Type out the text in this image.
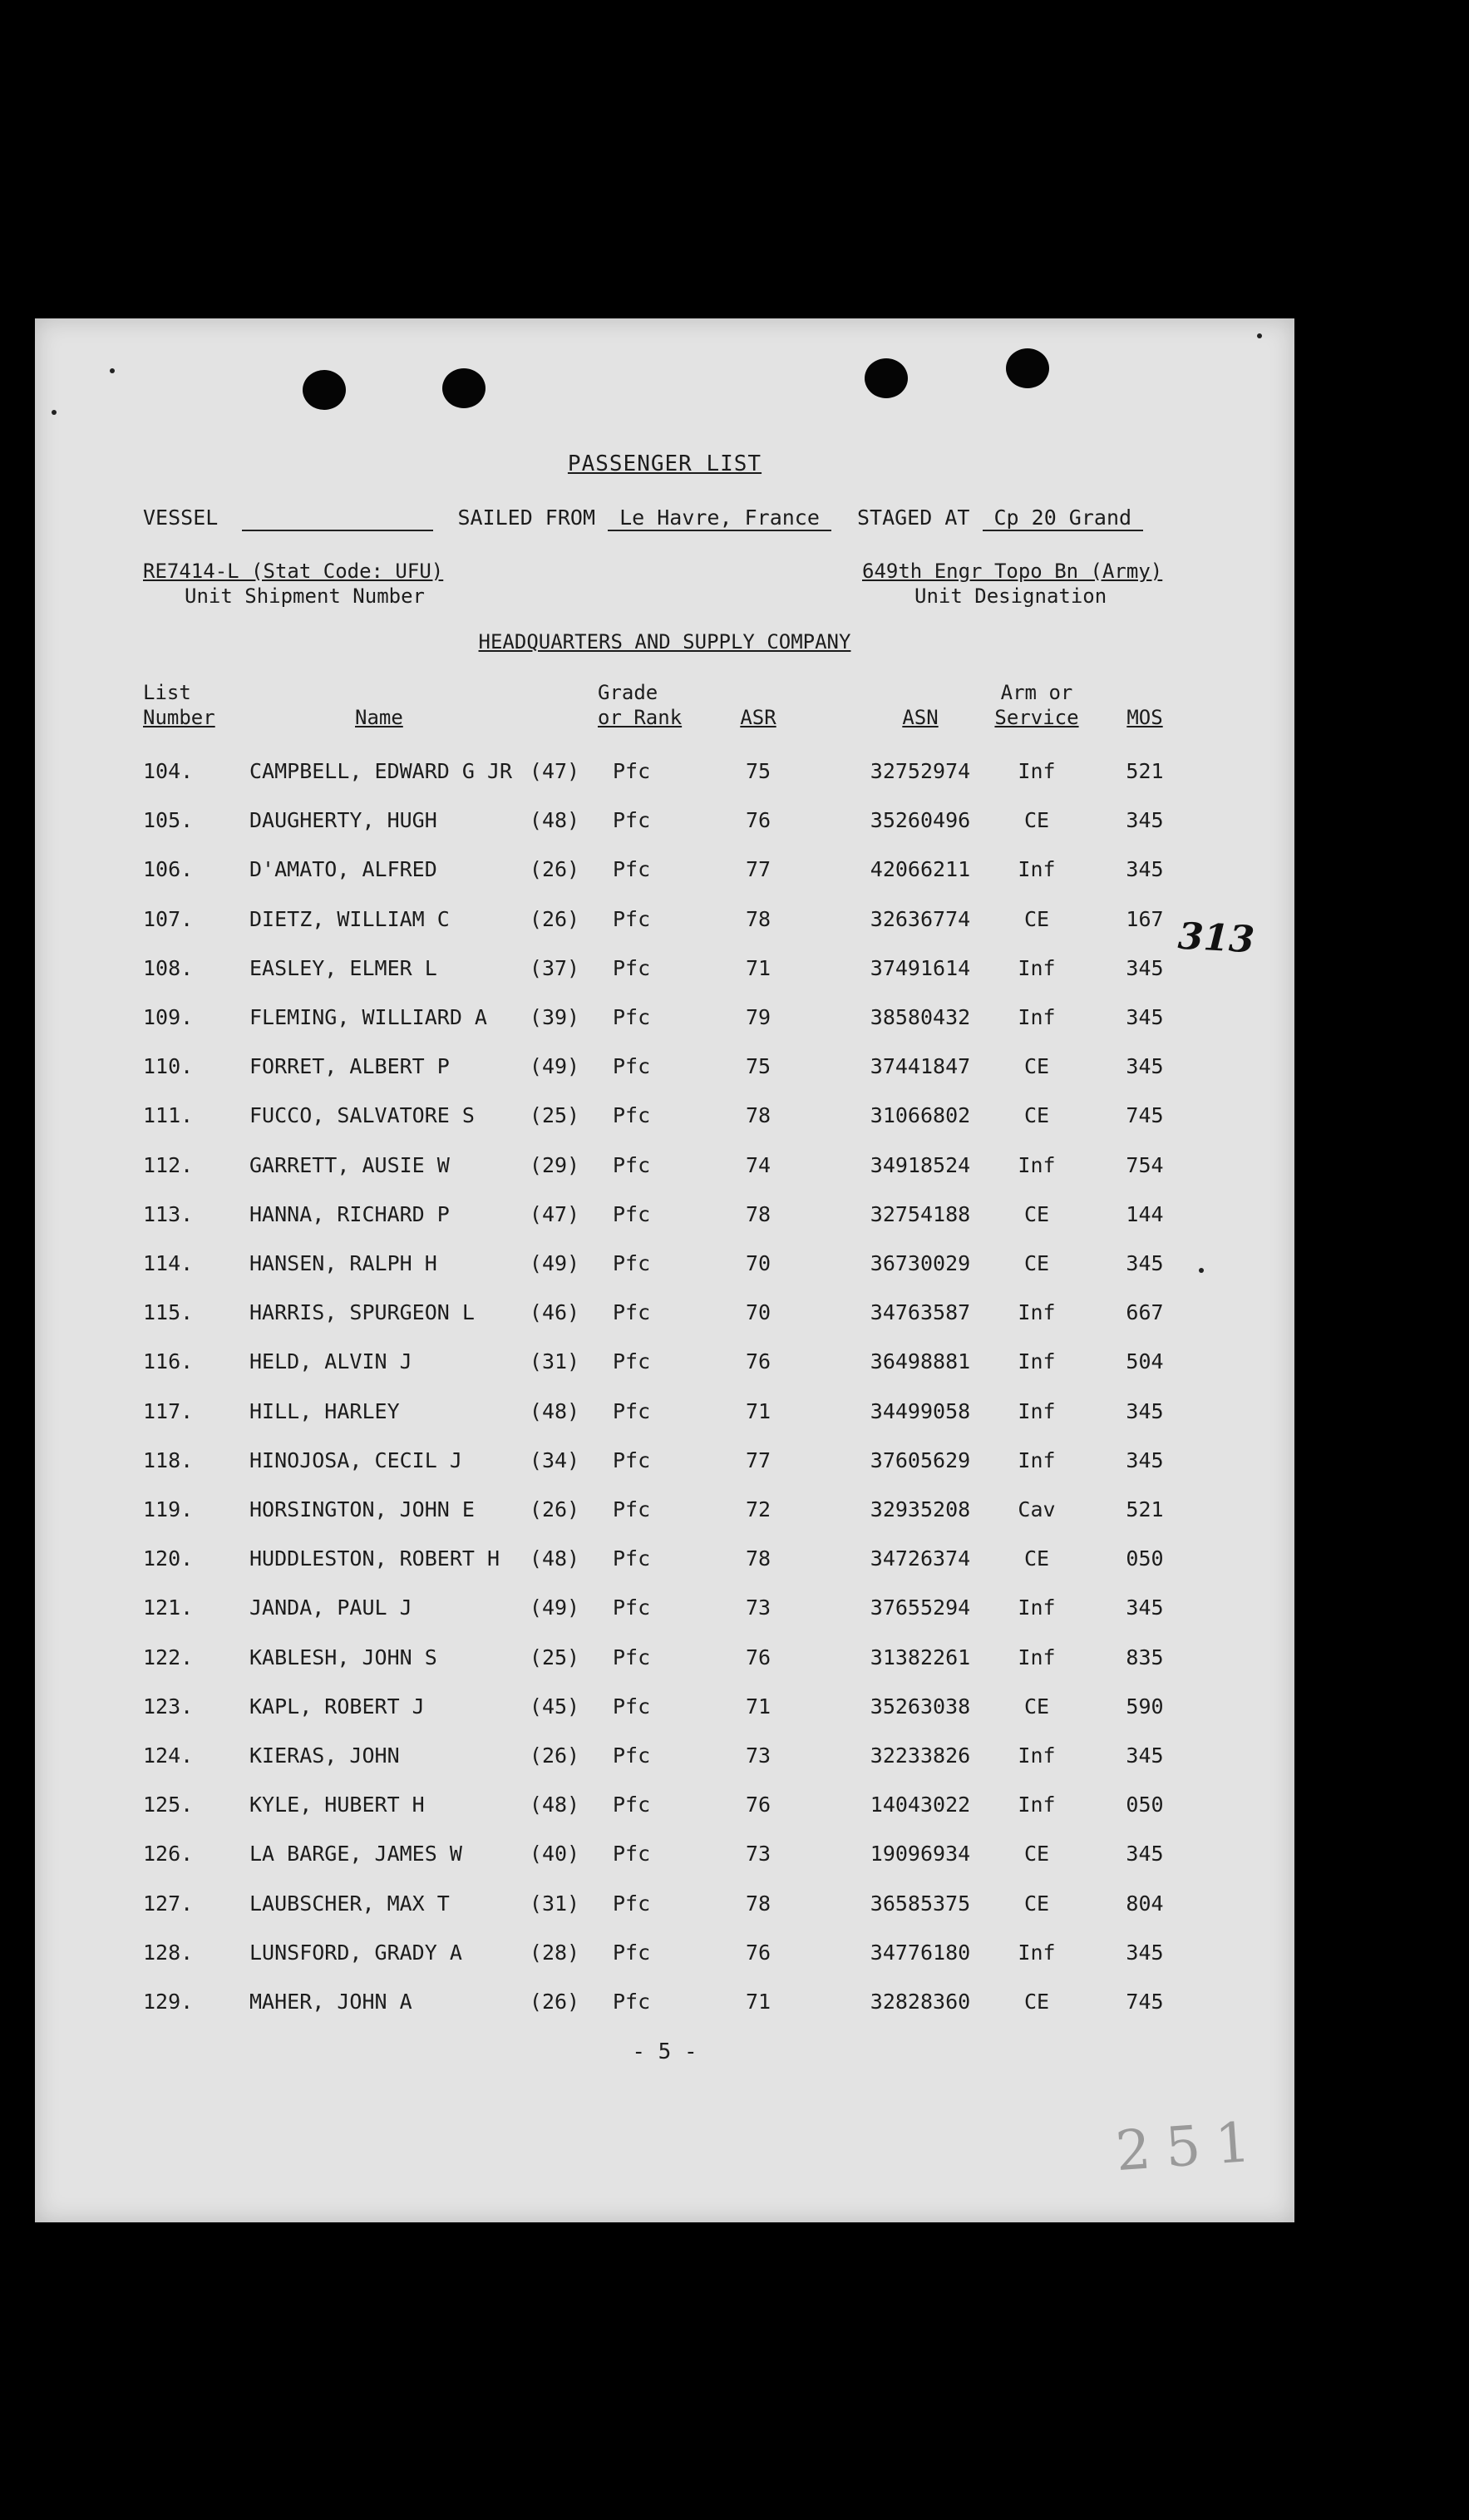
PASSENGER LIST
VESSEL	SAILED FROM Le Havre, France STAGED AT Cp 20 Grand
RE7414-L (Stat Code: UFU)
Unit Shipment Number
649th Engr Topo Bn (Army)
Unit Designation
HEADQUARTERS AND SUPPLY COMPANY
List
Number	Name
Grade
or Rank	ASR	ASN
Arm or
Service	MOS
104.	CAMPBELL, EDWARD G JR (47)	Pfc	75	32752974	Inf	521
105.	DAUGHERTY, HUGH	(48)	Pfc	76	35260496	CE	345
106.	D'AMATO, ALFRED	(26)	Pfc	77	42066211	Inf	345
107.	DIETZ, WILLIAM C	(26)	Pfc	78	32636774	CE	167
108.	EASLEY, ELMER L	(37)	Pfc	71	37491614	Inf	345
109.	FLEMING, WILLIARD A	(39)	Pfc	79	38580432	Inf	345
110.	FORRET, ALBERT P	(49)	Pfc	75	37441847	CE	345
111.	FUCCO, SALVATORE S	(25)	Pfc	78	31066802	CE	745
112.	GARRETT, AUSIE W	(29)	Pfc	74	34918524	Inf	754
113.	HANNA, RICHARD P	(47)	Pfc	78	32754188	CE	144
114.	HANSEN, RALPH H	(49)	Pfc	70	36730029	CE	345
115.	HARRIS, SPURGEON L	(46)	Pfc	70	34763587	Inf	667
116.	HELD, ALVIN J	(31)	Pfc	76	36498881	Inf	504
117.	HILL, HARLEY	(48)	Pfc	71	34499058	Inf	345
118.	HINOJOSA, CECIL J	(34)	Pfc	77	37605629	Inf	345
119.	HORSINGTON, JOHN E	(26)	Pfc	72	32935208	Cav	521
120.	HUDDLESTON, ROBERT H	(48)	Pfc	78	34726374	CE	050
121.	JANDA, PAUL J	(49)	Pfc	73	37655294	Inf	345
122.	KABLESH, JOHN S	(25)	Pfc	76	31382261	Inf	835
123.	KAPL, ROBERT J	(45)	Pfc	71	35263038	CE	590
124.	KIERAS, JOHN	(26)	Pfc	73	32233826	Inf	345
125.	KYLE, HUBERT H	(48)	Pfc	76	14043022	Inf	050
126.	LA BARGE, JAMES W	(40)	Pfc	73	19096934	CE	345
127.	LAUBSCHER, MAX T	(31)	Pfc	78	36585375	CE	804
128.	LUNSFORD, GRADY A	(28)	Pfc	76	34776180	Inf	345
129.	MAHER, JOHN A	(26)	Pfc	71	32828360	CE	745
- 5 -
313
251
